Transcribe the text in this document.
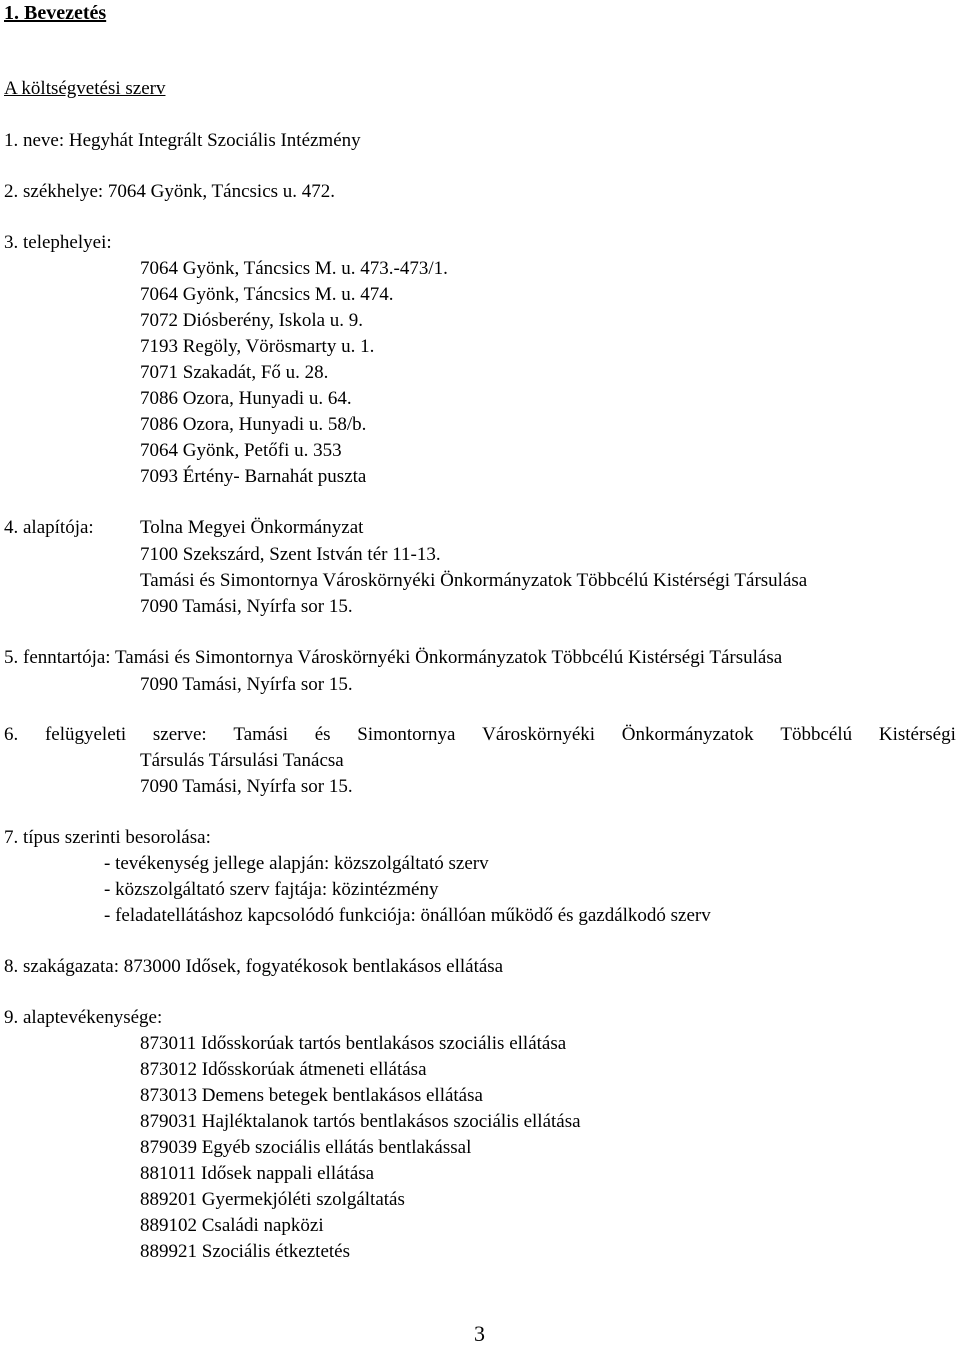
1. Bevezetés
A költségvetési szerv
1. neve: Hegyhát Integrált Szociális Intézmény
2. székhelye: 7064 Gyönk, Táncsics u. 472.
3. telephelyei:
7064 Gyönk, Táncsics M. u. 473.-473/1.
7064 Gyönk, Táncsics M. u. 474.
7072 Diósberény, Iskola u. 9.
7193 Regöly, Vörösmarty u. 1.
7071 Szakadát, Fő u. 28.
7086 Ozora, Hunyadi u. 64.
7086 Ozora, Hunyadi u. 58/b.
7064 Gyönk, Petőfi u. 353
7093 Értény- Barnahát puszta
4. alapítója: Tolna Megyei Önkormányzat
7100 Szekszárd, Szent István tér 11-13.
Tamási és Simontornya Városkörnyéki Önkormányzatok Többcélú Kistérségi Társulása
7090 Tamási, Nyírfa sor 15.
5. fenntartója: Tamási és Simontornya Városkörnyéki Önkormányzatok Többcélú Kistérségi Társulása
7090 Tamási, Nyírfa sor 15.
6. felügyeleti szerve: Tamási és Simontornya Városkörnyéki Önkormányzatok Többcélú Kistérségi
Társulás Társulási Tanácsa
7090 Tamási, Nyírfa sor 15.
7. típus szerinti besorolása:
- tevékenység jellege alapján: közszolgáltató szerv
- közszolgáltató szerv fajtája: közintézmény
- feladatellátáshoz kapcsolódó funkciója: önállóan működő és gazdálkodó szerv
8. szakágazata: 873000 Idősek, fogyatékosok bentlakásos ellátása
9. alaptevékenysége:
873011 Idősskorúak tartós bentlakásos szociális ellátása
873012 Idősskorúak átmeneti ellátása
873013 Demens betegek bentlakásos ellátása
879031 Hajléktalanok tartós bentlakásos szociális ellátása
879039 Egyéb szociális ellátás bentlakással
881011 Idősek nappali ellátása
889201 Gyermekjóléti szolgáltatás
889102 Családi napközi
889921 Szociális étkeztetés
3
